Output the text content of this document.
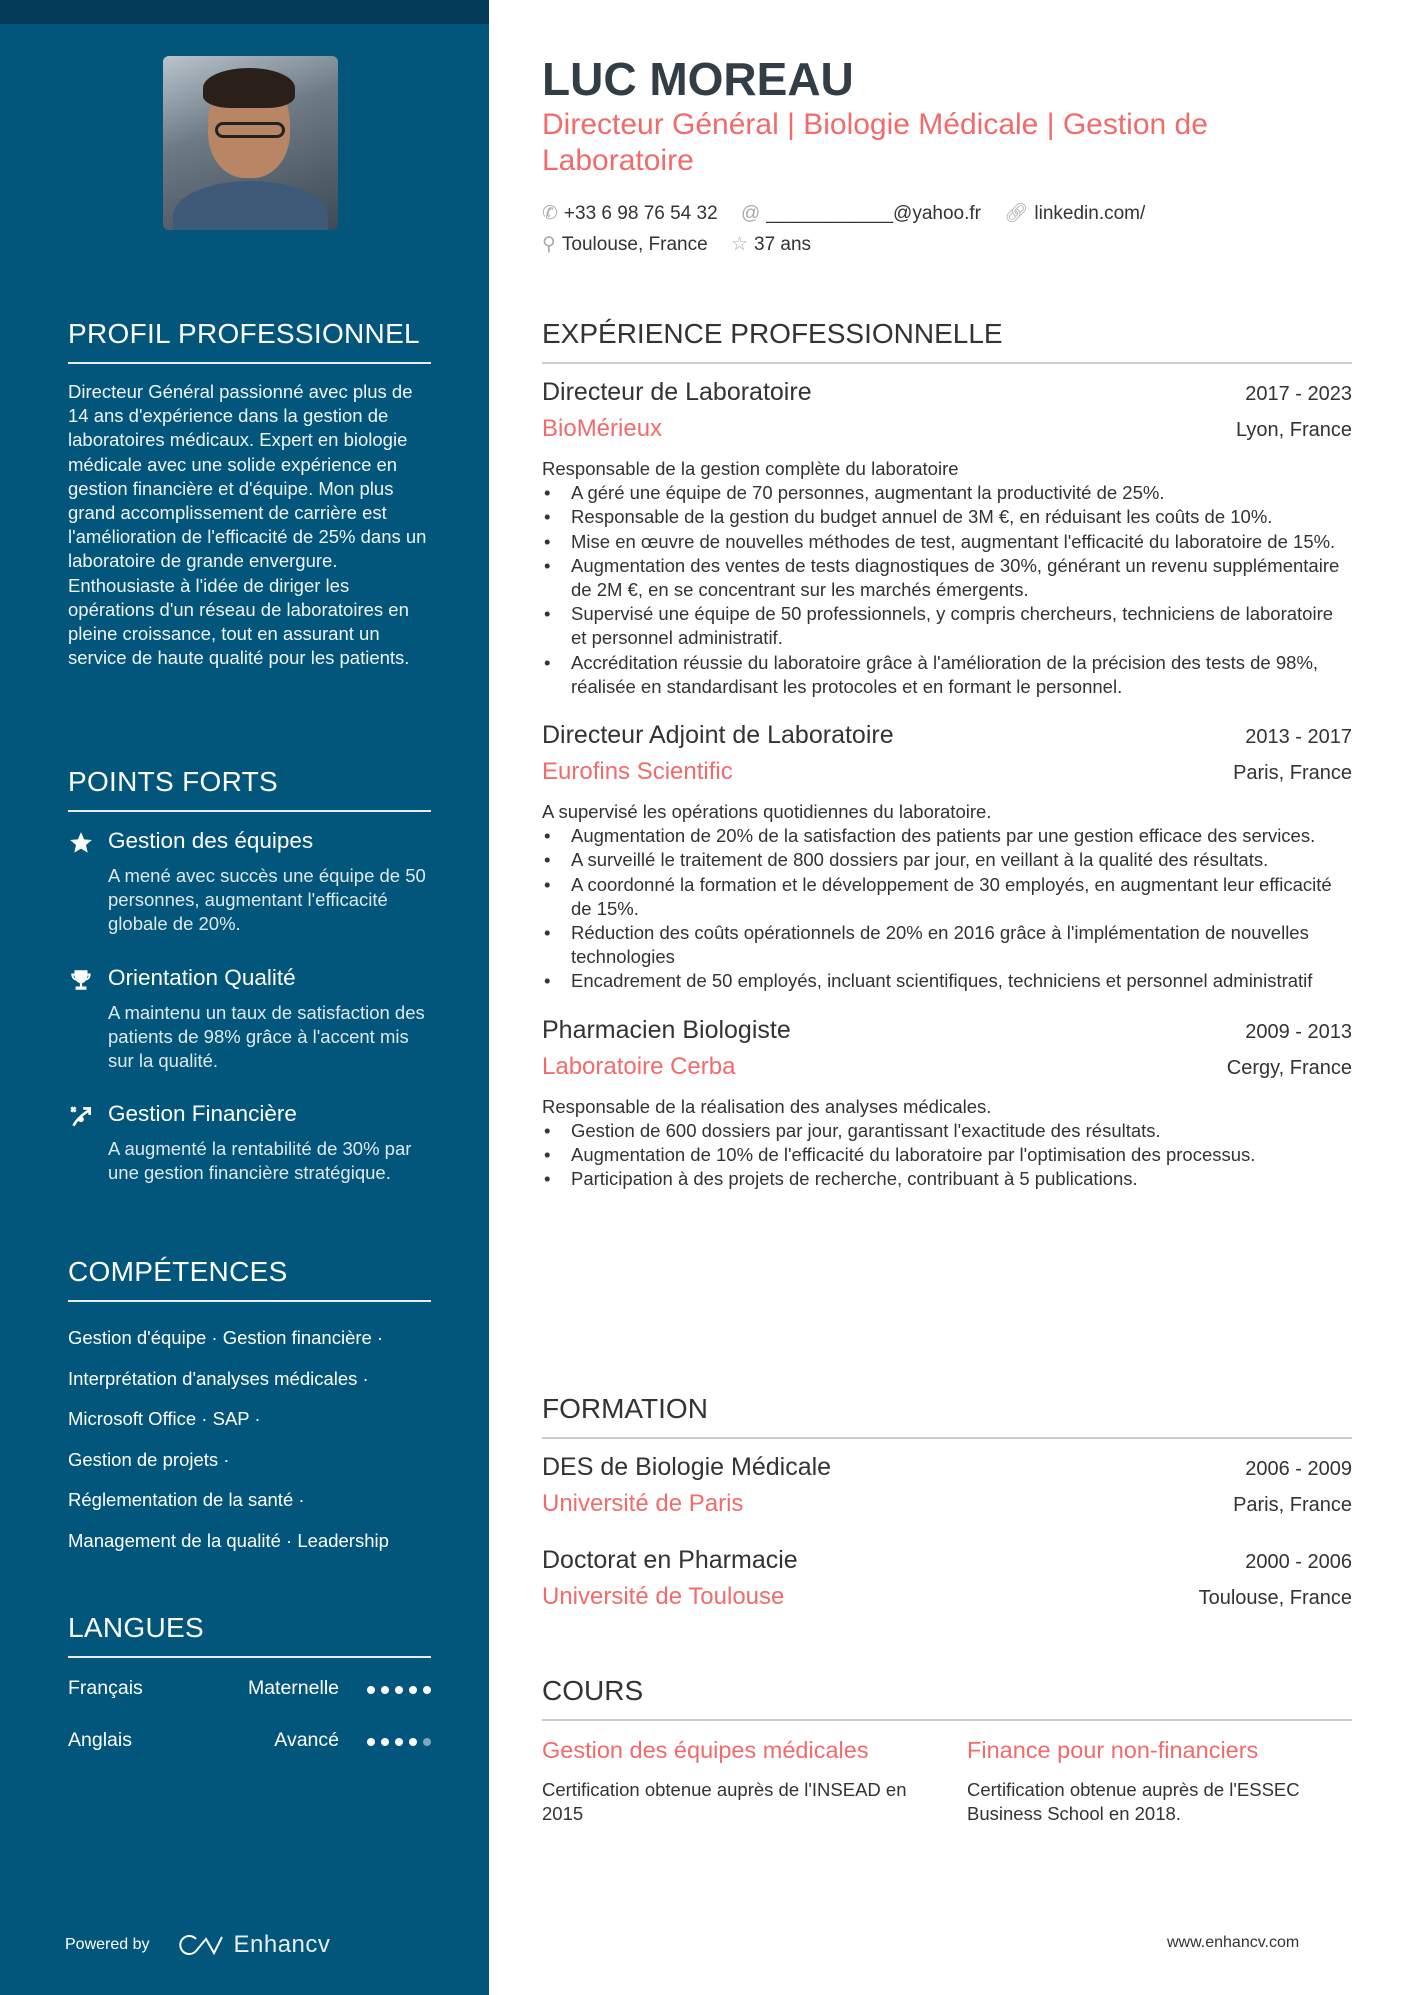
PROFIL PROFESSIONNEL
Directeur Général passionné avec plus de 14 ans d'expérience dans la gestion de laboratoires médicaux. Expert en biologie médicale avec une solide expérience en gestion financière et d'équipe. Mon plus grand accomplissement de carrière est l'amélioration de l'efficacité de 25% dans un laboratoire de grande envergure. Enthousiaste à l'idée de diriger les opérations d'un réseau de laboratoires en pleine croissance, tout en assurant un service de haute qualité pour les patients.
POINTS FORTS
Gestion des équipes
A mené avec succès une équipe de 50 personnes, augmentant l'efficacité globale de 20%.
Orientation Qualité
A maintenu un taux de satisfaction des patients de 98% grâce à l'accent mis sur la qualité.
Gestion Financière
A augmenté la rentabilité de 30% par une gestion financière stratégique.
COMPÉTENCES
Gestion d'équipe · Gestion financière ·
Interprétation d'analyses médicales ·
Microsoft Office · SAP ·
Gestion de projets ·
Réglementation de la santé ·
Management de la qualité · Leadership
LANGUES
Français	Maternelle
Anglais	Avancé
Powered by	Enhancv
LUC MOREAU
Directeur Général | Biologie Médicale | Gestion de Laboratoire
✆ +33 6 98 76 54 32 @ ____________@yahoo.fr 🔗︎ linkedin.com/
⚲ Toulouse, France ☆ 37 ans
EXPÉRIENCE PROFESSIONNELLE
Directeur de Laboratoire	2017 - 2023
BioMérieux	Lyon, France
Responsable de la gestion complète du laboratoire
• A géré une équipe de 70 personnes, augmentant la productivité de 25%.
• Responsable de la gestion du budget annuel de 3M €, en réduisant les coûts de 10%.
• Mise en œuvre de nouvelles méthodes de test, augmentant l'efficacité du laboratoire de 15%.
• Augmentation des ventes de tests diagnostiques de 30%, générant un revenu supplémentaire de 2M €, en se concentrant sur les marchés émergents.
• Supervisé une équipe de 50 professionnels, y compris chercheurs, techniciens de laboratoire et personnel administratif.
• Accréditation réussie du laboratoire grâce à l'amélioration de la précision des tests de 98%, réalisée en standardisant les protocoles et en formant le personnel.
Directeur Adjoint de Laboratoire	2013 - 2017
Eurofins Scientific	Paris, France
A supervisé les opérations quotidiennes du laboratoire.
• Augmentation de 20% de la satisfaction des patients par une gestion efficace des services.
• A surveillé le traitement de 800 dossiers par jour, en veillant à la qualité des résultats.
• A coordonné la formation et le développement de 30 employés, en augmentant leur efficacité de 15%.
• Réduction des coûts opérationnels de 20% en 2016 grâce à l'implémentation de nouvelles technologies
• Encadrement de 50 employés, incluant scientifiques, techniciens et personnel administratif
Pharmacien Biologiste	2009 - 2013
Laboratoire Cerba	Cergy, France
Responsable de la réalisation des analyses médicales.
• Gestion de 600 dossiers par jour, garantissant l'exactitude des résultats.
• Augmentation de 10% de l'efficacité du laboratoire par l'optimisation des processus.
• Participation à des projets de recherche, contribuant à 5 publications.
FORMATION
DES de Biologie Médicale	2006 - 2009
Université de Paris	Paris, France
Doctorat en Pharmacie	2000 - 2006
Université de Toulouse	Toulouse, France
COURS
Gestion des équipes médicales
Certification obtenue auprès de l'INSEAD en 2015
Finance pour non-financiers
Certification obtenue auprès de l'ESSEC Business School en 2018.
www.enhancv.com
